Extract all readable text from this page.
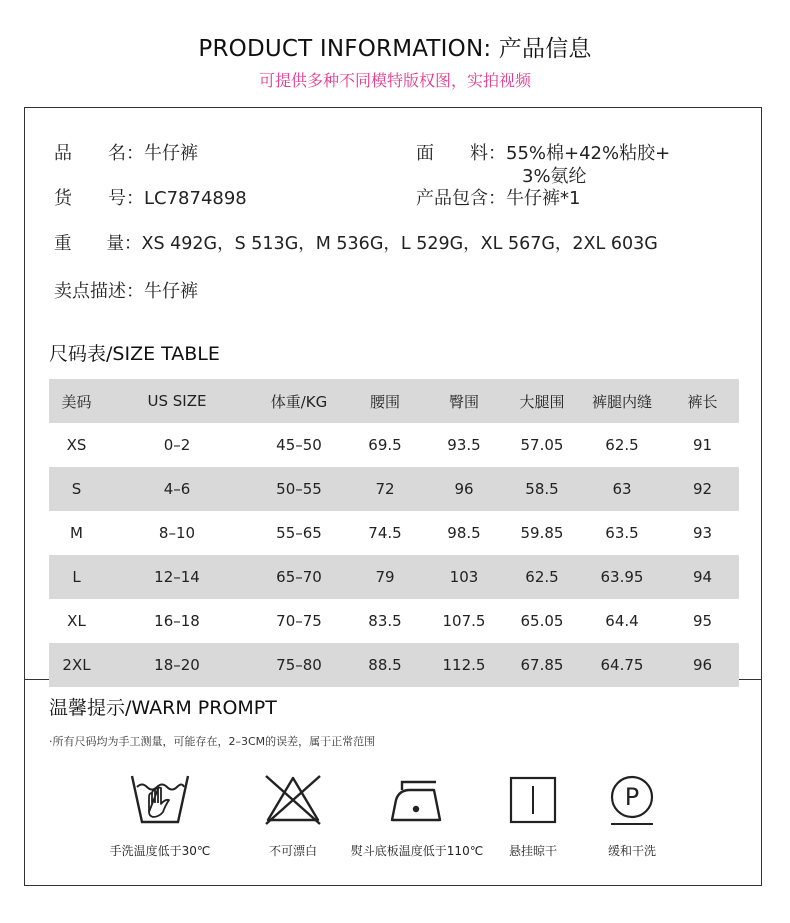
PRODUCT INFORMATION: 产品信息
可提供多种不同模特版权图，实拍视频
品　　名：牛仔裤	面　　料：55%棉+42%粘胶+
3%氨纶
货　　号：LC7874898	产品包含：牛仔裤*1
重　　量：XS 492G，S 513G，M 536G，L 529G，XL 567G，2XL 603G
卖点描述：牛仔裤
尺码表/SIZE TABLE
美码	US SIZE	体重/KG	腰围	臀围	大腿围	裤腿内缝	裤长
XS	0–2	45–50	69.5	93.5	57.05	62.5	91
S	4–6	50–55	72	96	58.5	63	92
M	8–10	55–65	74.5	98.5	59.85	63.5	93
L	12–14	65–70	79	103	62.5	63.95	94
XL	16–18	70–75	83.5	107.5	65.05	64.4	95
2XL	18–20	75–80	88.5	112.5	67.85	64.75	96
温馨提示/WARM PROMPT
·所有尺码均为手工测量，可能存在，2–3CM的误差，属于正常范围
手洗温度低于30℃	不可漂白	熨斗底板温度低于110℃	悬挂晾干
P
缓和干洗
